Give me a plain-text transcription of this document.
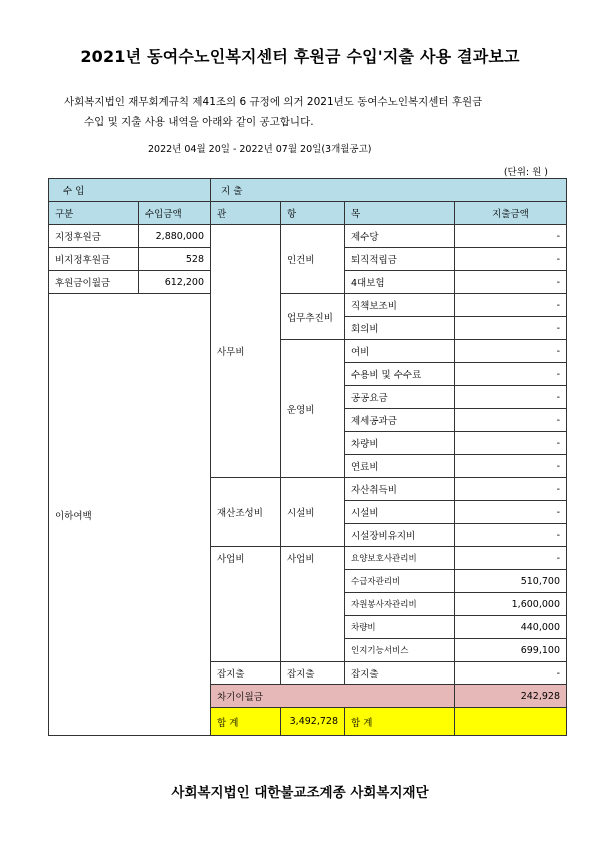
2021년 동여수노인복지센터 후원금 수입'지출 사용 결과보고
사회복지법인 재무회계규칙 제41조의 6 규정에 의거 2021년도 동여수노인복지센터 후원금
수입 및 지출 사용 내역을 아래와 같이 공고합니다.
2022년 04월 20일 - 2022년 07월 20일(3개월공고)
(단위: 원 )
수 입		지 출				
구분	수입금액	관	항	목	지출금액	
지정후원금	2,880,000	사무비	인건비	제수당	-	
비지정후원금	528			퇴직적립금	-	
후원금이월금	612,200			4대보험	-	
이하여백			업무추진비	직책보조비	-	
				회의비	-	
			운영비	여비	-	
				수용비 및 수수료	-	
				공공요금	-	
				제세공과금	-	
				차량비	-	
				연료비	-	
		재산조성비	시설비	자산취득비	-	
				시설비	-	
				시설장비유지비	-	
		사업비	사업비	요양보호사관리비	-	
				수급자관리비	510,700	
				자원봉사자관리비	1,600,000	
				차량비	440,000	
				인지기능서비스	699,100	
		잡지출	잡지출	잡지출	-	
		차기이월금			242,928	
		합 계	3,492,728	합 계			
사회복지법인 대한불교조계종 사회복지재단
